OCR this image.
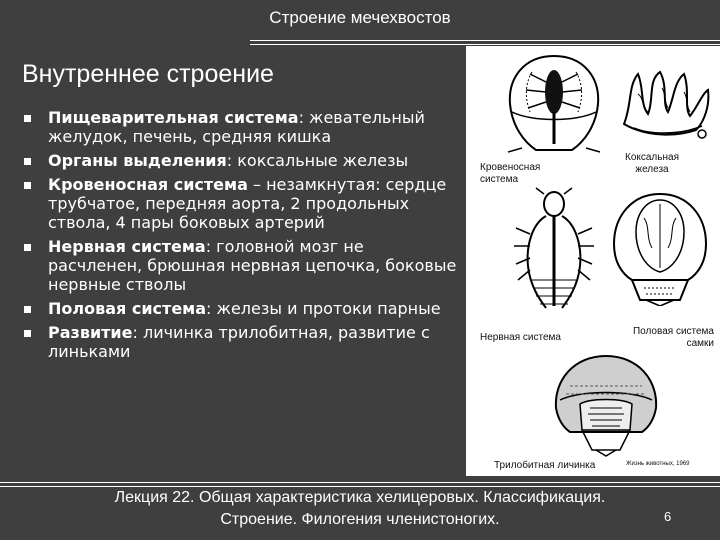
Строение мечехвостов
Внутреннее строение
Пищеварительная система: жевательный желудок, печень, средняя кишка
Органы выделения: коксальные железы
Кровеносная система – незамкнутая: сердце трубчатое, передняя аорта, 2 продольных ствола, 4 пары боковых артерий
Нервная система: головной мозг не расчленен, брюшная нервная цепочка, боковые нервные стволы
Половая система: железы и протоки парные
Развитие: личинка трилобитная, развитие с линьками
Кровеносная
система
Коксальная
железа
Нервная система
Половая система
самки
Трилобитная личинка	Жизнь животных, 1969
Лекция 22. Общая характеристика хелицеровых. Классификация.
Строение. Филогения членистоногих.	6
